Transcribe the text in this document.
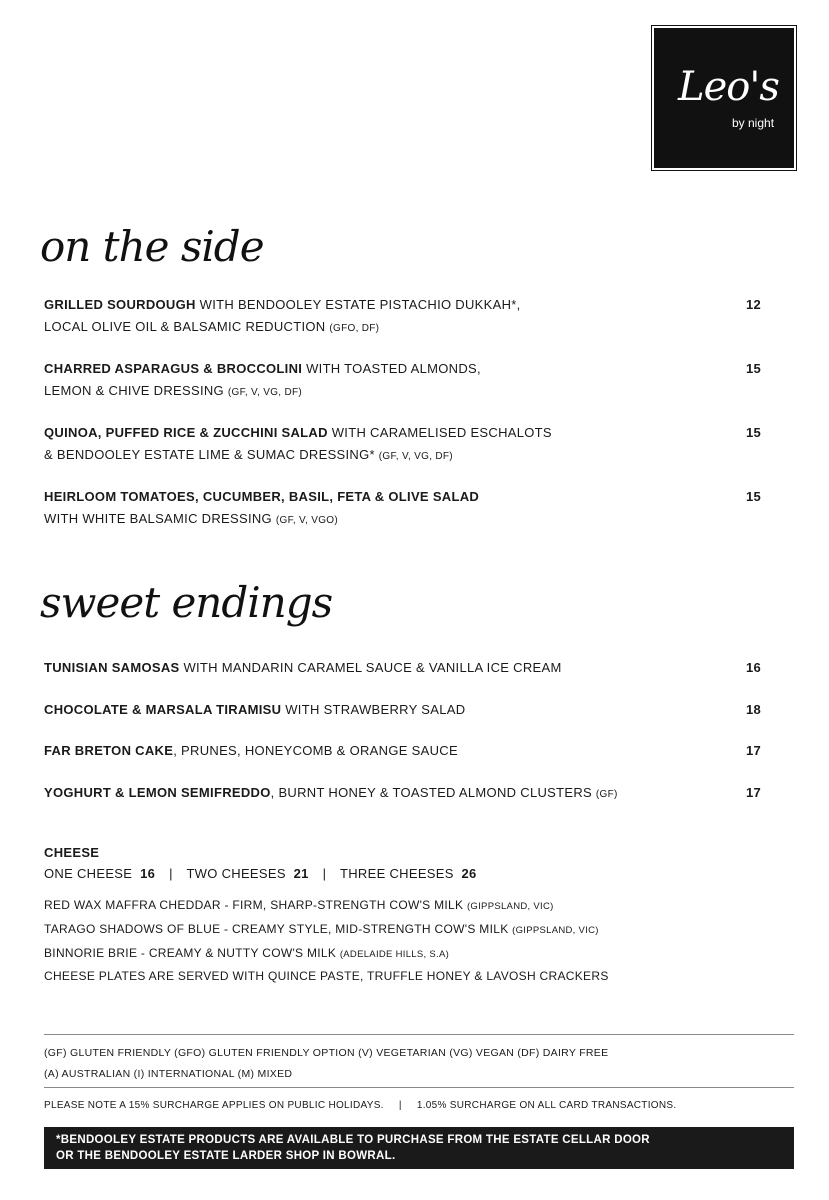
Leo's
by night
on the side
GRILLED SOURDOUGH WITH BENDOOLEY ESTATE PISTACHIO DUKKAH*,
LOCAL OLIVE OIL & BALSAMIC REDUCTION (GFO, DF)
12
CHARRED ASPARAGUS & BROCCOLINI WITH TOASTED ALMONDS,
LEMON & CHIVE DRESSING (GF, V, VG, DF)
15
QUINOA, PUFFED RICE & ZUCCHINI SALAD WITH CARAMELISED ESCHALOTS
& BENDOOLEY ESTATE LIME & SUMAC DRESSING* (GF, V, VG, DF)
15
HEIRLOOM TOMATOES, CUCUMBER, BASIL, FETA & OLIVE SALAD
WITH WHITE BALSAMIC DRESSING (GF, V, VGO)
15
sweet endings
TUNISIAN SAMOSAS WITH MANDARIN CARAMEL SAUCE & VANILLA ICE CREAM	16
CHOCOLATE & MARSALA TIRAMISU WITH STRAWBERRY SALAD	18
FAR BRETON CAKE, PRUNES, HONEYCOMB & ORANGE SAUCE	17
YOGHURT & LEMON SEMIFREDDO, BURNT HONEY & TOASTED ALMOND CLUSTERS (GF)	17
CHEESE
ONE CHEESE 16 | TWO CHEESES 21 | THREE CHEESES 26
RED WAX MAFFRA CHEDDAR - FIRM, SHARP-STRENGTH COW'S MILK (GIPPSLAND, VIC)
TARAGO SHADOWS OF BLUE - CREAMY STYLE, MID-STRENGTH COW'S MILK (GIPPSLAND, VIC)
BINNORIE BRIE - CREAMY & NUTTY COW'S MILK (ADELAIDE HILLS, S.A)
CHEESE PLATES ARE SERVED WITH QUINCE PASTE, TRUFFLE HONEY & LAVOSH CRACKERS
(GF) GLUTEN FRIENDLY (GFO) GLUTEN FRIENDLY OPTION (V) VEGETARIAN (VG) VEGAN (DF) DAIRY FREE
(A) AUSTRALIAN (I) INTERNATIONAL (M) MIXED
PLEASE NOTE A 15% SURCHARGE APPLIES ON PUBLIC HOLIDAYS. | 1.05% SURCHARGE ON ALL CARD TRANSACTIONS.
*BENDOOLEY ESTATE PRODUCTS ARE AVAILABLE TO PURCHASE FROM THE ESTATE CELLAR DOOR
OR THE BENDOOLEY ESTATE LARDER SHOP IN BOWRAL.
